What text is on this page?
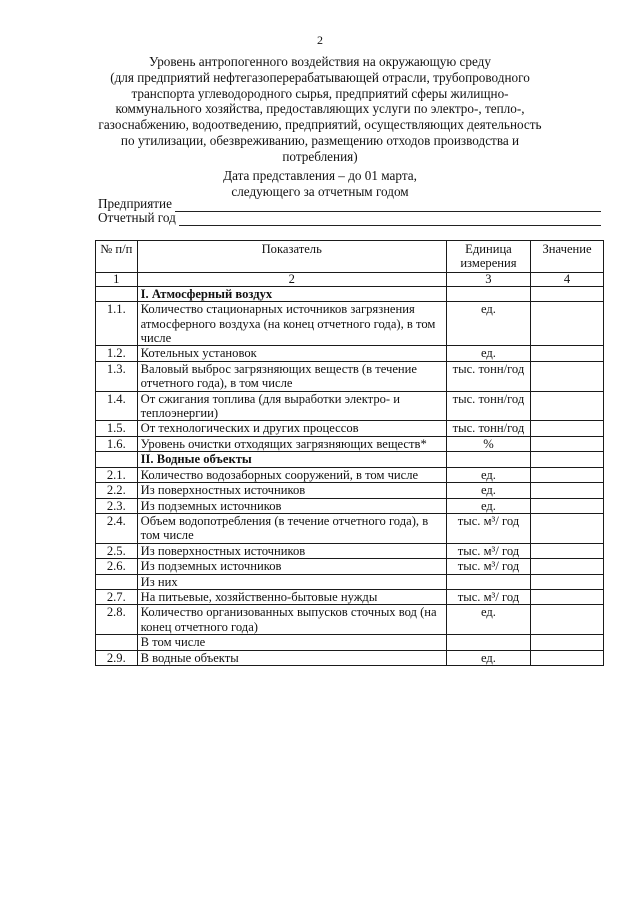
2
Уровень антропогенного воздействия на окружающую среду
(для предприятий нефтегазоперерабатывающей отрасли, трубопроводного
транспорта углеводородного сырья, предприятий сферы жилищно-
коммунального хозяйства, предоставляющих услуги по электро-, тепло-,
газоснабжению, водоотведению, предприятий, осуществляющих деятельность
по утилизации, обезвреживанию, размещению отходов производства и
потребления)
Дата представления – до 01 марта,
следующего за отчетным годом
Предприятие
Отчетный год
№ п/п	Показатель	Единица измерения	Значение
1	2	3	4
	I. Атмосферный воздух		
1.1.	Количество стационарных источников загрязнения атмосферного воздуха (на конец отчетного года), в том числе	ед.	
1.2.	Котельных установок	ед.	
1.3.	Валовый выброс загрязняющих веществ (в течение отчетного года), в том числе	тыс. тонн/год	
1.4.	От сжигания топлива (для выработки электро- и теплоэнергии)	тыс. тонн/год	
1.5.	От технологических и других процессов	тыс. тонн/год	
1.6.	Уровень очистки отходящих загрязняющих веществ*	%	
	II. Водные объекты		
2.1.	Количество водозаборных сооружений, в том числе	ед.	
2.2.	Из поверхностных источников	ед.	
2.3.	Из подземных источников	ед.	
2.4.	Объем водопотребления (в течение отчетного года), в том числе	тыс. м³/ год	
2.5.	Из поверхностных источников	тыс. м³/ год	
2.6.	Из подземных источников	тыс. м³/ год	
	Из них		
2.7.	На питьевые, хозяйственно-бытовые нужды	тыс. м³/ год	
2.8.	Количество организованных выпусков сточных вод (на конец отчетного года)	ед.	
	В том числе		
2.9.	В водные объекты	ед.	
